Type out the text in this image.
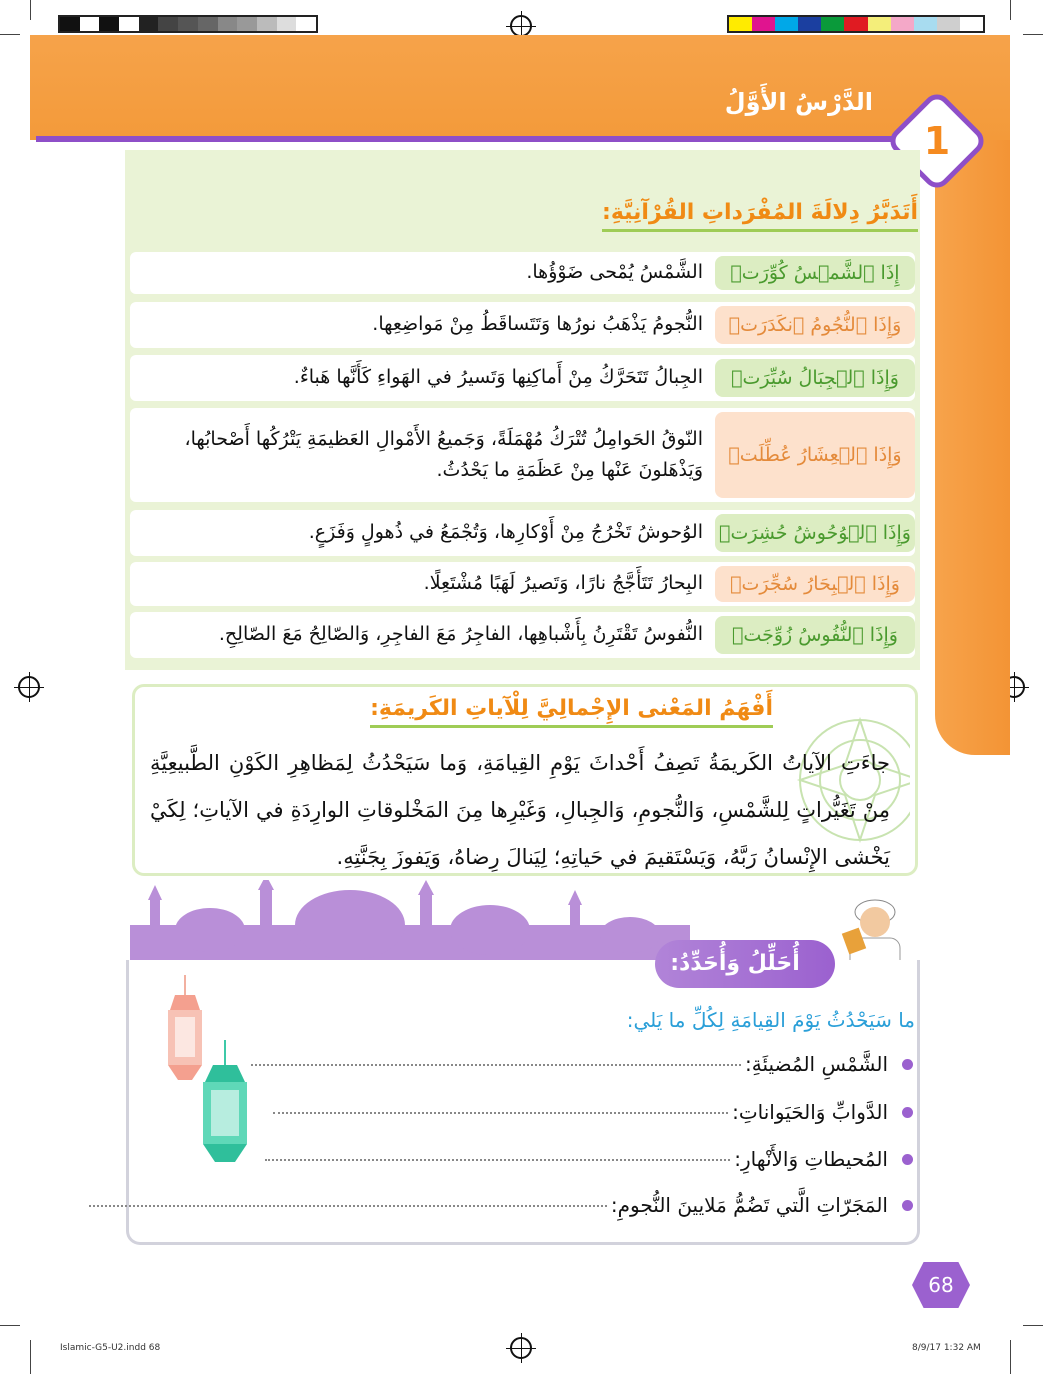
الدَّرْسُ الأَوَّلُ
1
أَتَدَبَّرُ دِلالَةَ المُفْرَداتِ القُرْآنِيَّةِ:
إِذَا ٱلشَّمۡسُ كُوِّرَتۡ
الشَّمْسُ يُمْحى ضَوْؤُها.
وَإِذَا ٱلنُّجُومُ ٱنكَدَرَتۡ
النُّجومُ يَذْهَبُ نورُها وَتَتَساقَطُ مِنْ مَواضِعِها.
وَإِذَا ٱلۡجِبَالُ سُيِّرَتۡ
الجِبالُ تَتَحَرَّكُ مِنْ أَماكِنِها وَتَسيرُ في الهَواءِ كَأَنَّها هَباءٌ.
وَإِذَا ٱلۡعِشَارُ عُطِّلَتۡ
النّوقُ الحَوامِلُ تُتْرَكُ مُهْمَلَةً، وَجَميعُ الأَمْوالِ العَظيمَةِ يَتْرُكُها أَصْحابُها، وَيَذْهَلونَ عَنْها مِنْ عَظَمَةِ ما يَحْدُثُ.
وَإِذَا ٱلۡوُحُوشُ حُشِرَتۡ
الوُحوشُ تَخْرُجُ مِنْ أَوْكارِها، وَتُجْمَعُ في ذُهولٍ وَفَزَعٍ.
وَإِذَا ٱلۡبِحَارُ سُجِّرَتۡ
البِحارُ تَتَأَجَّجُ نارًا، وَتَصيرُ لَهَبًا مُشْتَعِلًا.
وَإِذَا ٱلنُّفُوسُ زُوِّجَتۡ
النُّفوسُ تَقْتَرِنُ بِأَشْباهِها، الفاجِرُ مَعَ الفاجِرِ، وَالصّالِحُ مَعَ الصّالِحِ.
أَفْهَمُ المَعْنى الإِجْمالِيَّ لِلْآياتِ الكَريمَةِ:
جاءَتِ الآياتُ الكَريمَةُ تَصِفُ أَحْداثَ يَوْمِ القِيامَةِ، وَما سَيَحْدُثُ لِمَظاهِرِ الكَوْنِ الطَّبيعِيَّةِ مِنْ تَغَيُّراتٍ لِلشَّمْسِ، وَالنُّجومِ، وَالجِبالِ، وَغَيْرِها مِنَ المَخْلوقاتِ الوارِدَةِ في الآياتِ؛ لِكَيْ يَخْشى الإِنْسانُ رَبَّهُ، وَيَسْتَقيمَ في حَياتِهِ؛ لِيَنالَ رِضاهُ، وَيَفوزَ بِجَنَّتِهِ.
أُحَلِّلُ وَأُحَدِّدُ:
ما سَيَحْدُثُ يَوْمَ القِيامَةِ لِكُلِّ ما يَلي:
الشَّمْسِ المُضيئَةِ:
الدَّوابِّ وَالحَيَواناتِ:
المُحيطاتِ وَالأَنْهارِ:
المَجَرّاتِ الَّتي تَضُمُّ مَلايينَ النُّجومِ:
68
Islamic-G5-U2.indd 68	8/9/17 1:32 AM
